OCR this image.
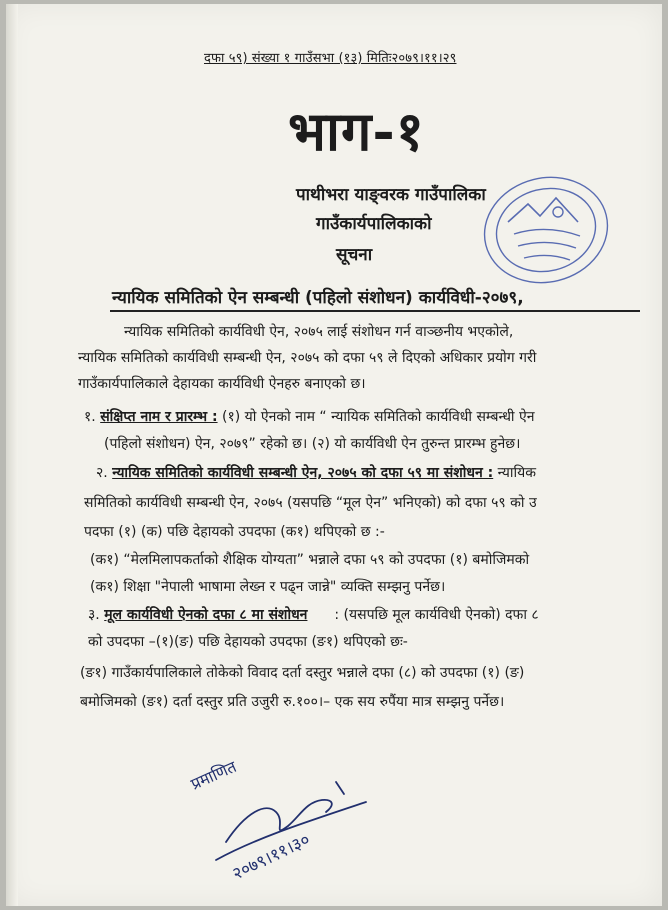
दफा ५९) संख्या १ गाउँसभा (१३) मितिः२०७९।११।२९
भाग-१
पाथीभरा याङ्वरक गाउँपालिका
गाउँकार्यपालिकाको
सूचना
न्यायिक समितिको ऐन सम्बन्धी (पहिलो संशोधन) कार्यविधी-२०७९,
न्यायिक समितिको कार्यविधी ऐन, २०७५ लाई संशोधन गर्न वाञ्छनीय भएकोले,
न्यायिक समितिको कार्यविधी सम्बन्धी ऐन, २०७५ को दफा ५९ ले दिएको अधिकार प्रयोग गरी
गाउँकार्यपालिकाले देहायका कार्यविधी ऐनहरु बनाएको छ।
१. संक्षिप्त नाम र प्रारम्भ : (१) यो ऐनको नाम “ न्यायिक समितिको कार्यविधी सम्बन्धी ऐन
(पहिलो संशोधन) ऐन, २०७९” रहेको छ। (२) यो कार्यविधी ऐन तुरुन्त प्रारम्भ हुनेछ।
२. न्यायिक समितिको कार्यविधी सम्बन्धी ऐन, २०७५ को दफा ५९ मा संशोधन : न्यायिक
समितिको कार्यविधी सम्बन्धी ऐन, २०७५ (यसपछि “मूल ऐन” भनिएको) को दफा ५९ को उ
पदफा (१) (क) पछि देहायको उपदफा (क१) थपिएको छ :-
(क१) “मेलमिलापकर्ताको शैक्षिक योग्यता” भन्नाले दफा ५९ को उपदफा (१) बमोजिमको
(क१) शिक्षा "नेपाली भाषामा लेख्न र पढ्न जान्ने" व्यक्ति सम्झनु पर्नेछ।
३. मूल कार्यविधी ऐनको दफा ८ मा संशोधन : (यसपछि मूल कार्यविधी ऐनको) दफा ८
को उपदफा –(१)(ङ) पछि देहायको उपदफा (ङ१) थपिएको छः-
(ङ१) गाउँकार्यपालिकाले तोकेको विवाद दर्ता दस्तुर भन्नाले दफा (८) को उपदफा (१) (ङ)
बमोजिमको (ङ१) दर्ता दस्तुर प्रति उजुरी रु.१००।– एक सय रुपैंया मात्र सम्झनु पर्नेछ।
प्रमाणित
२०७९।११।३०
